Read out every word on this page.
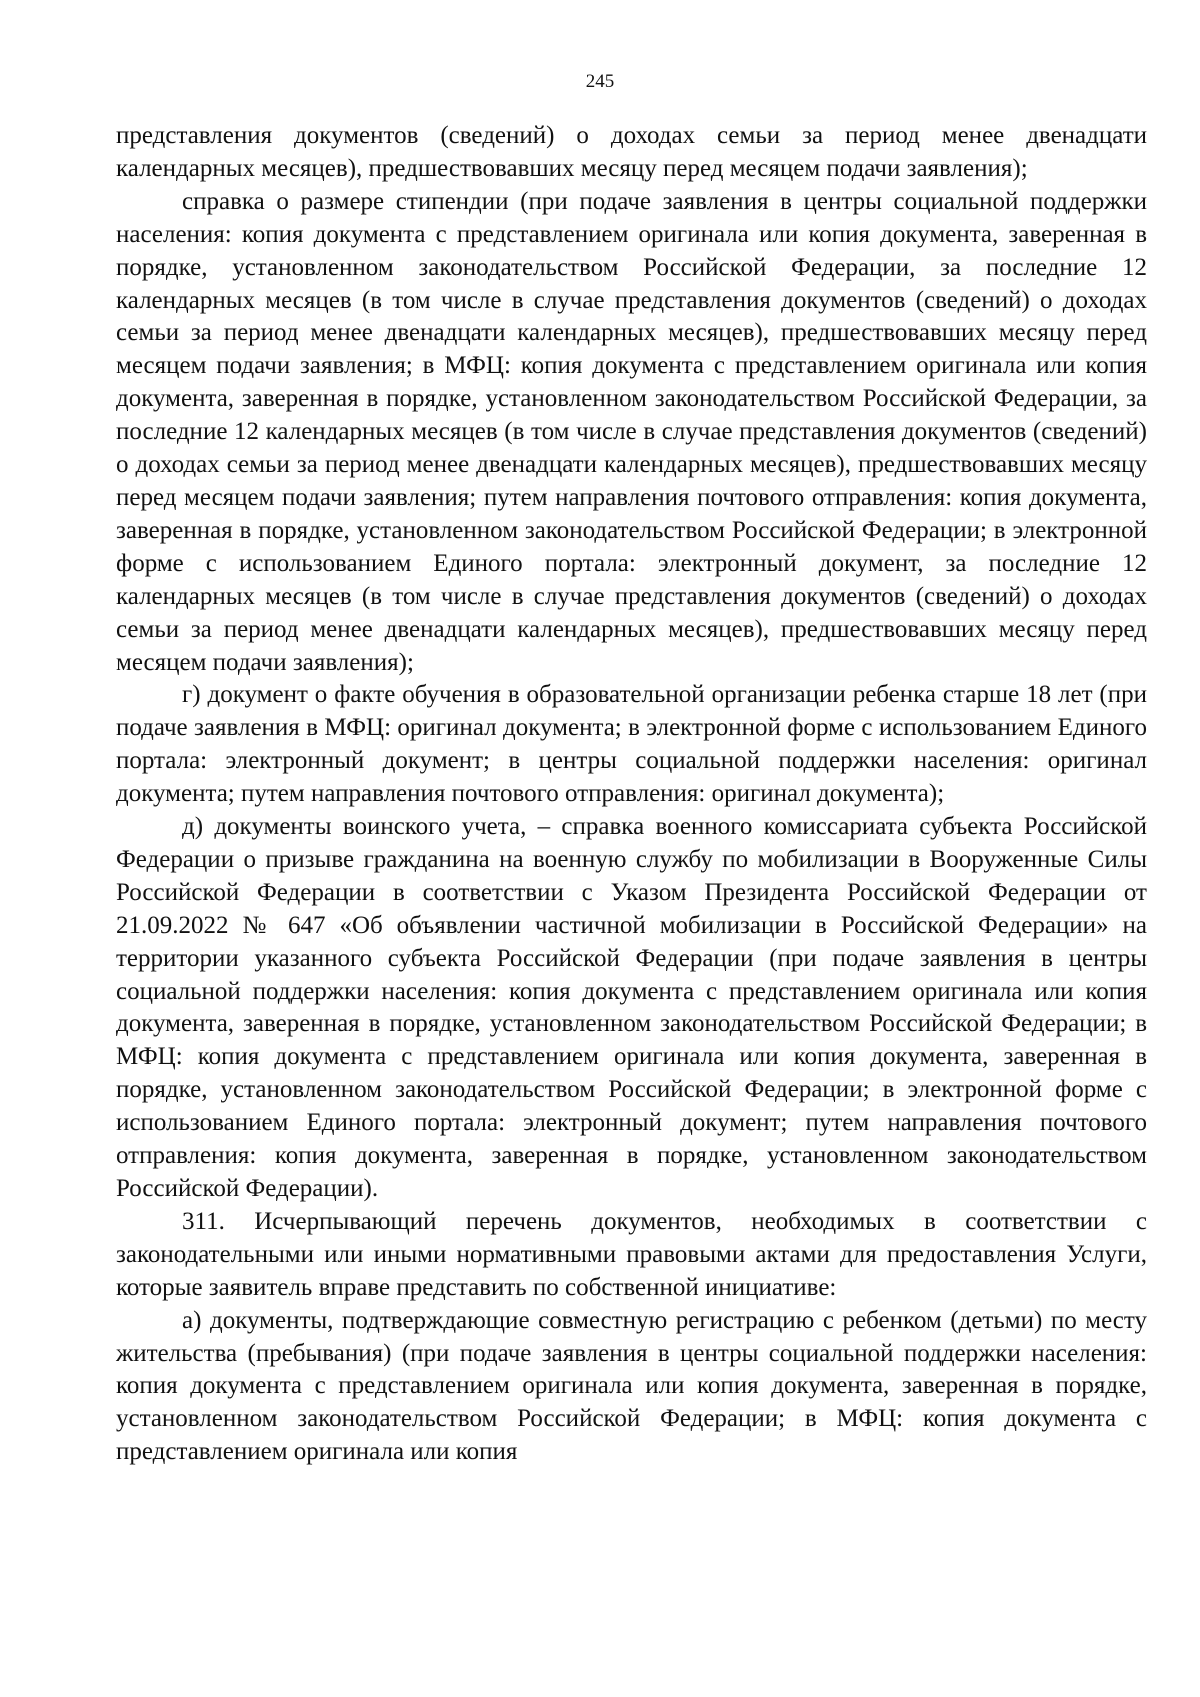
245

представления документов (сведений) о доходах семьи за период менее двенадцати календарных месяцев), предшествовавших месяцу перед месяцем подачи заявления);

справка о размере стипендии (при подаче заявления в центры социальной поддержки населения: копия документа с представлением оригинала или копия документа, заверенная в порядке, установленном законодательством Российской Федерации, за последние 12 календарных месяцев (в том числе в случае представления документов (сведений) о доходах семьи за период менее двенадцати календарных месяцев), предшествовавших месяцу перед месяцем подачи заявления; в МФЦ: копия документа с представлением оригинала или копия документа, заверенная в порядке, установленном законодательством Российской Федерации, за последние 12 календарных месяцев (в том числе в случае представления документов (сведений) о доходах семьи за период менее двенадцати календарных месяцев), предшествовавших месяцу перед месяцем подачи заявления; путем направления почтового отправления: копия документа, заверенная в порядке, установленном законодательством Российской Федерации; в электронной форме с использованием Единого портала: электронный документ, за последние 12 календарных месяцев (в том числе в случае представления документов (сведений) о доходах семьи за период менее двенадцати календарных месяцев), предшествовавших месяцу перед месяцем подачи заявления);

г) документ о факте обучения в образовательной организации ребенка старше 18 лет (при подаче заявления в МФЦ: оригинал документа; в электронной форме с использованием Единого портала: электронный документ; в центры социальной поддержки населения: оригинал документа; путем направления почтового отправления: оригинал документа);

д) документы воинского учета, – справка военного комиссариата субъекта Российской Федерации о призыве гражданина на военную службу по мобилизации в Вооруженные Силы Российской Федерации в соответствии с Указом Президента Российской Федерации от 21.09.2022 № 647 «Об объявлении частичной мобилизации в Российской Федерации» на территории указанного субъекта Российской Федерации (при подаче заявления в центры социальной поддержки населения: копия документа с представлением оригинала или копия документа, заверенная в порядке, установленном законодательством Российской Федерации; в МФЦ: копия документа с представлением оригинала или копия документа, заверенная в порядке, установленном законодательством Российской Федерации; в электронной форме с использованием Единого портала: электронный документ; путем направления почтового отправления: копия документа, заверенная в порядке, установленном законодательством Российской Федерации).

311. Исчерпывающий перечень документов, необходимых в соответствии с законодательными или иными нормативными правовыми актами для предоставления Услуги, которые заявитель вправе представить по собственной инициативе:

а) документы, подтверждающие совместную регистрацию с ребенком (детьми) по месту жительства (пребывания) (при подаче заявления в центры социальной поддержки населения: копия документа с представлением оригинала или копия документа, заверенная в порядке, установленном законодательством Российской Федерации; в МФЦ: копия документа с представлением оригинала или копия
